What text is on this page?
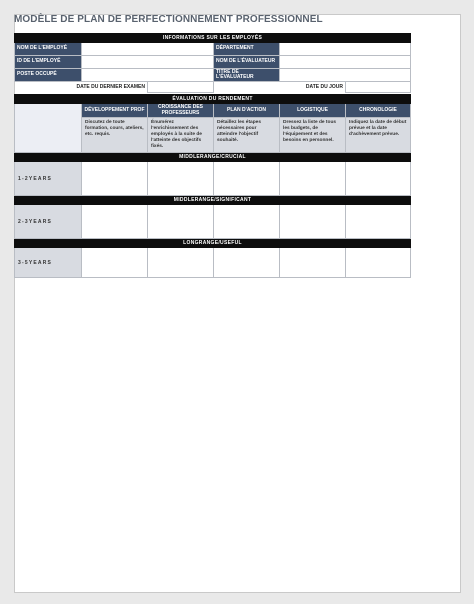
MODÈLE DE PLAN DE PERFECTIONNEMENT PROFESSIONNEL
INFORMATIONS SUR LES EMPLOYÉS					
NOM DE L'EMPLOYÉ			DÉPARTEMENT		
ID DE L'EMPLOYÉ			NOM DE L'ÉVALUATEUR		
POSTE OCCUPÉ			TITRE DE L'ÉVALUATEUR		
DATE DU DERNIER EXAMEN				DATE DU JOUR	
ÉVALUATION DU RENDEMENT					
	DÉVELOPPEMENT PROF	CROISSANCE DES PROFESSEURS	PLAN D'ACTION	LOGISTIQUE	CHRONOLOGIE
	Discutez de toute formation, cours, ateliers, etc. requis.	Énumérez l'enrichissement des employés à la suite de l'atteinte des objectifs fixés.	Détaillez les étapes nécessaires pour atteindre l'objectif souhaité.	Dressez la liste de tous les budgets, de l'équipement et des besoins en personnel.	Indiquez la date de début prévue et la date d'achèvement prévue.
MIDDLERANGE/CRUCIAL					
1-2YEARS					
MIDDLERANGE/SIGNIFICANT					
2-3YEARS					
LONGRANGE/USEFUL					
3-5YEARS					
